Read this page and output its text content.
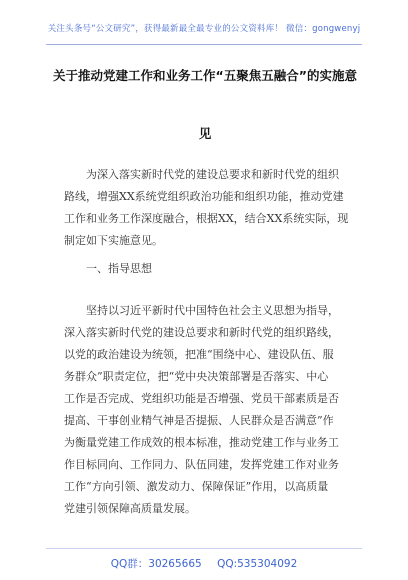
关注头条号“公文研究”，获得最新最全最专业的公文资料库！ 微信：gongwenyj
关于推动党建工作和业务工作“五聚焦五融合”的实施意
见
为深入落实新时代党的建设总要求和新时代党的组织
路线，增强XX系统党组织政治功能和组织功能，推动党建
工作和业务工作深度融合，根据XX，结合XX系统实际，现
制定如下实施意见。
一、指导思想
坚持以习近平新时代中国特色社会主义思想为指导，
深入落实新时代党的建设总要求和新时代党的组织路线，
以党的政治建设为统领，把准“围绕中心、建设队伍、服
务群众”职责定位，把“党中央决策部署是否落实、中心
工作是否完成、党组织功能是否增强、党员干部素质是否
提高、干事创业精气神是否提振、人民群众是否满意”作
为衡量党建工作成效的根本标准，推动党建工作与业务工
作目标同向、工作同力、队伍同建，发挥党建工作对业务
工作“方向引领、激发动力、保障保证”作用，以高质量
党建引领保障高质量发展。
QQ群：30265665 QQ:535304092
